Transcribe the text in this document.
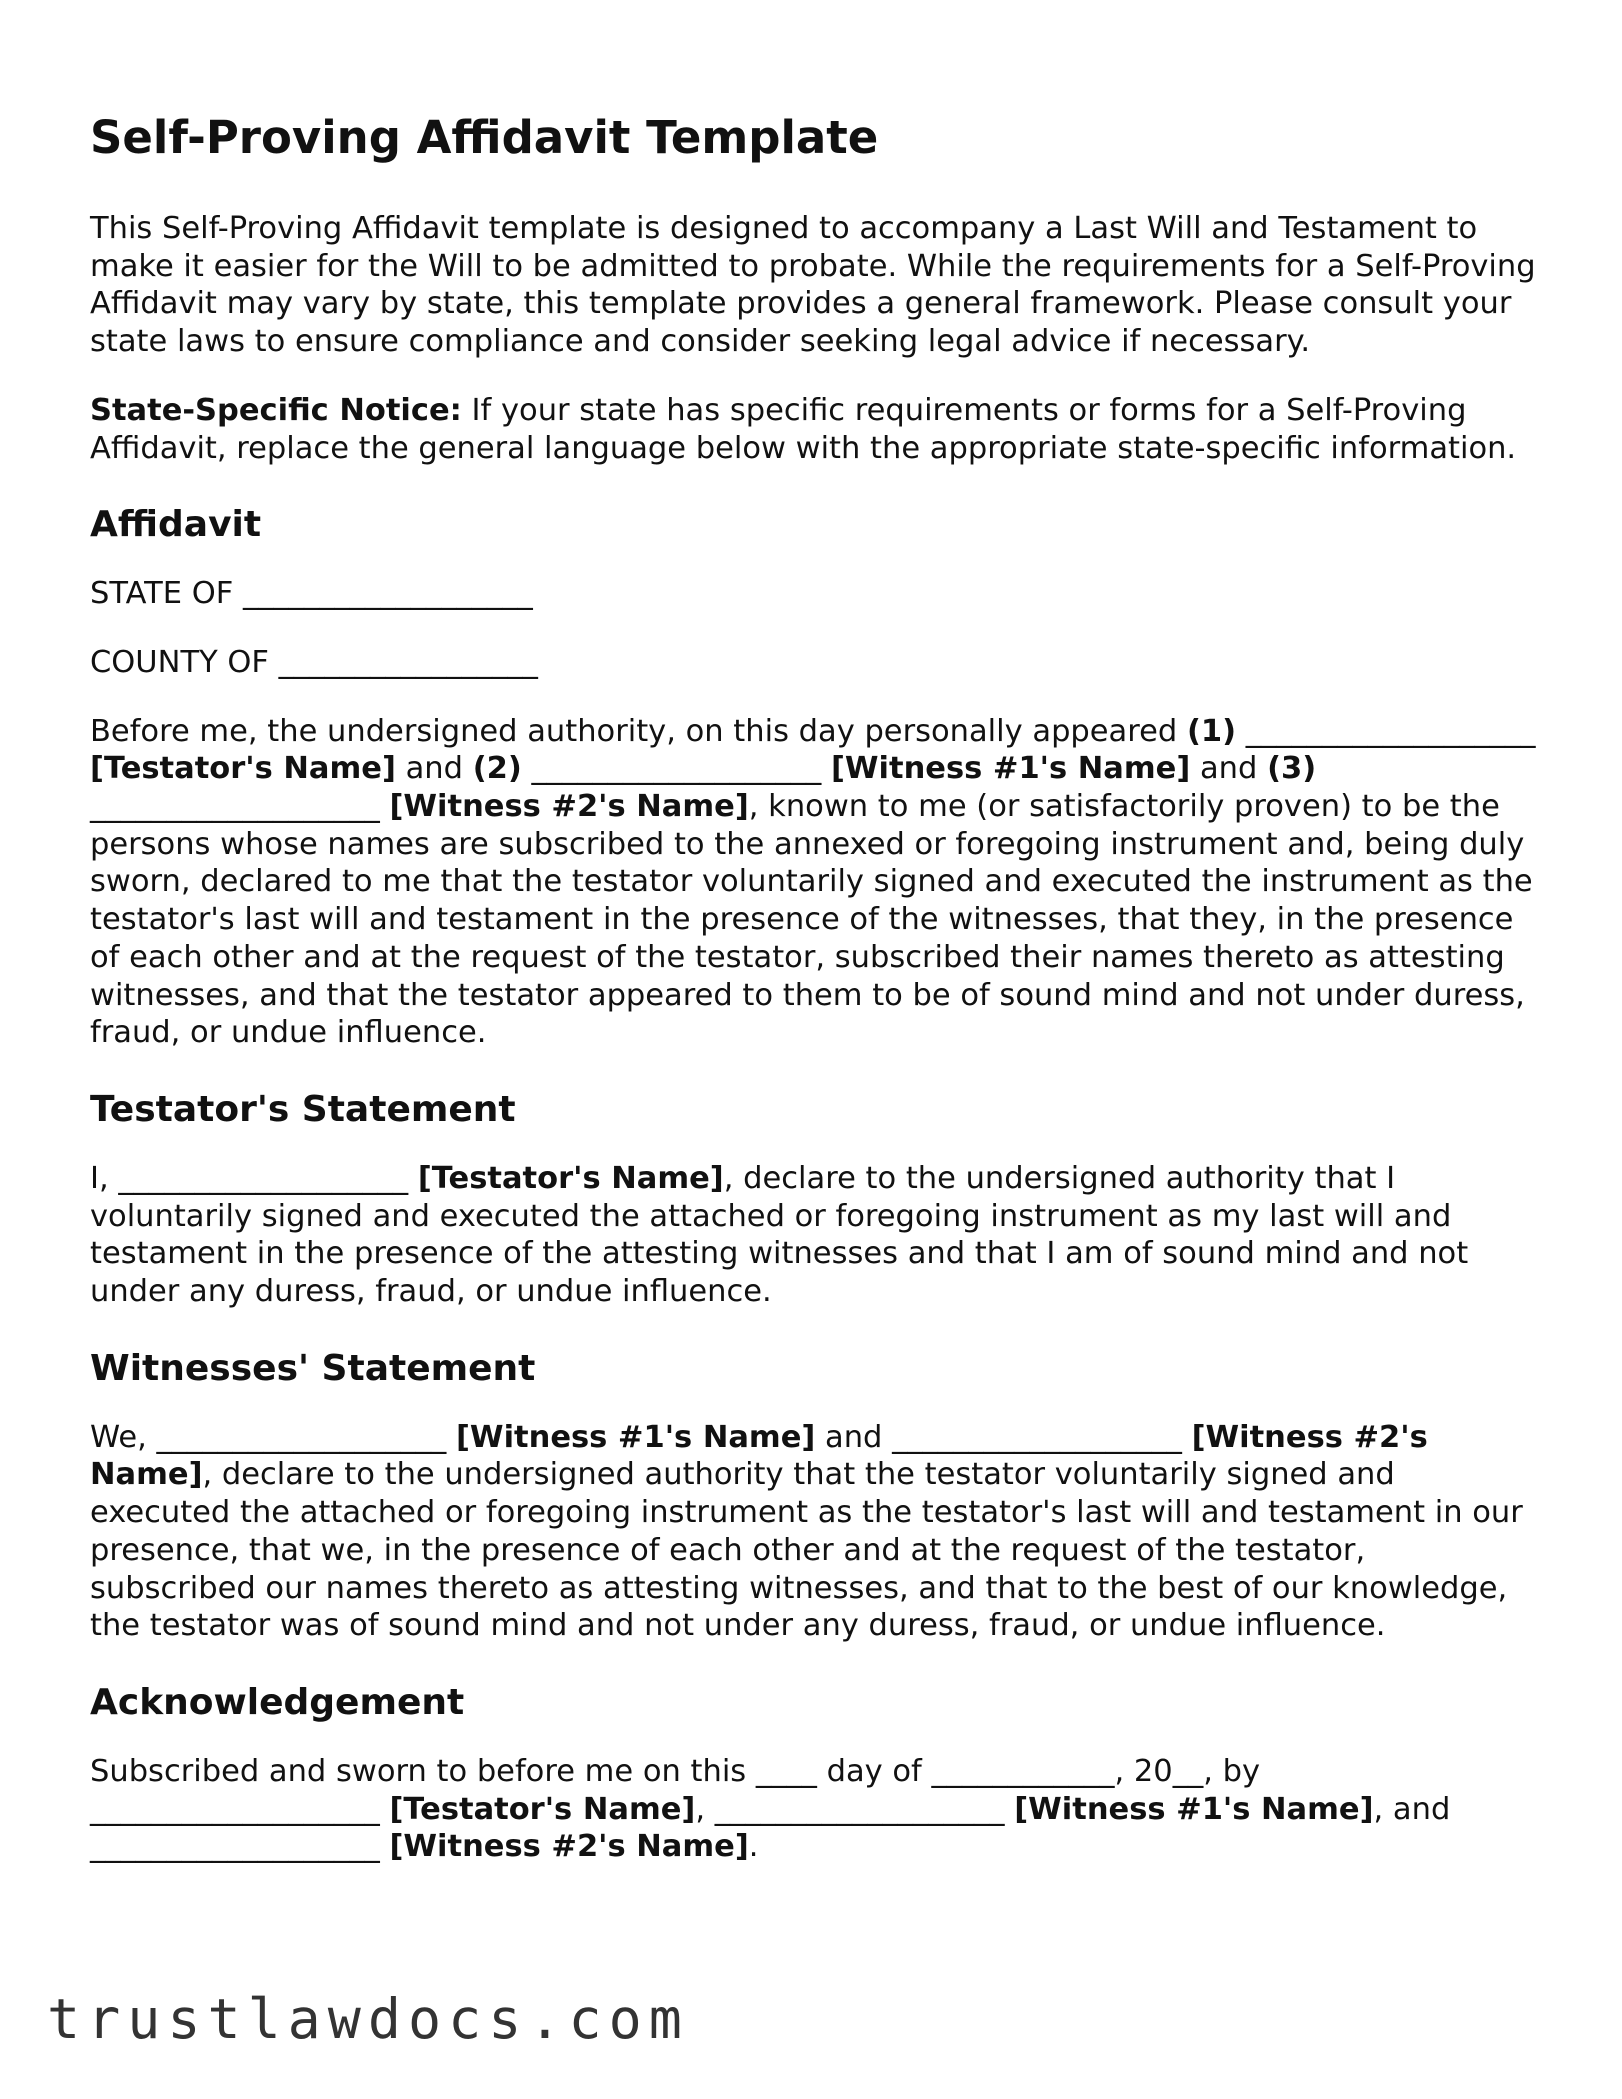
Self-Proving Affidavit Template

This Self-Proving Affidavit template is designed to accompany a Last Will and Testament to make it easier for the Will to be admitted to probate. While the requirements for a Self-Proving Affidavit may vary by state, this template provides a general framework. Please consult your state laws to ensure compliance and consider seeking legal advice if necessary.

State-Specific Notice: If your state has specific requirements or forms for a Self-Proving Affidavit, replace the general language below with the appropriate state-specific information.

Affidavit

STATE OF ___________________

COUNTY OF _________________

Before me, the undersigned authority, on this day personally appeared (1) ___________________ [Testator's Name] and (2) ___________________ [Witness #1's Name] and (3) ___________________ [Witness #2's Name], known to me (or satisfactorily proven) to be the persons whose names are subscribed to the annexed or foregoing instrument and, being duly sworn, declared to me that the testator voluntarily signed and executed the instrument as the testator's last will and testament in the presence of the witnesses, that they, in the presence of each other and at the request of the testator, subscribed their names thereto as attesting witnesses, and that the testator appeared to them to be of sound mind and not under duress, fraud, or undue influence.

Testator's Statement

I, ___________________ [Testator's Name], declare to the undersigned authority that I voluntarily signed and executed the attached or foregoing instrument as my last will and testament in the presence of the attesting witnesses and that I am of sound mind and not under any duress, fraud, or undue influence.

Witnesses' Statement

We, ___________________ [Witness #1's Name] and ___________________ [Witness #2's Name], declare to the undersigned authority that the testator voluntarily signed and executed the attached or foregoing instrument as the testator's last will and testament in our presence, that we, in the presence of each other and at the request of the testator, subscribed our names thereto as attesting witnesses, and that to the best of our knowledge, the testator was of sound mind and not under any duress, fraud, or undue influence.

Acknowledgement

Subscribed and sworn to before me on this ____ day of ____________, 20__, by ___________________ [Testator's Name], ___________________ [Witness #1's Name], and ___________________ [Witness #2's Name].

trustlawdocs.com
